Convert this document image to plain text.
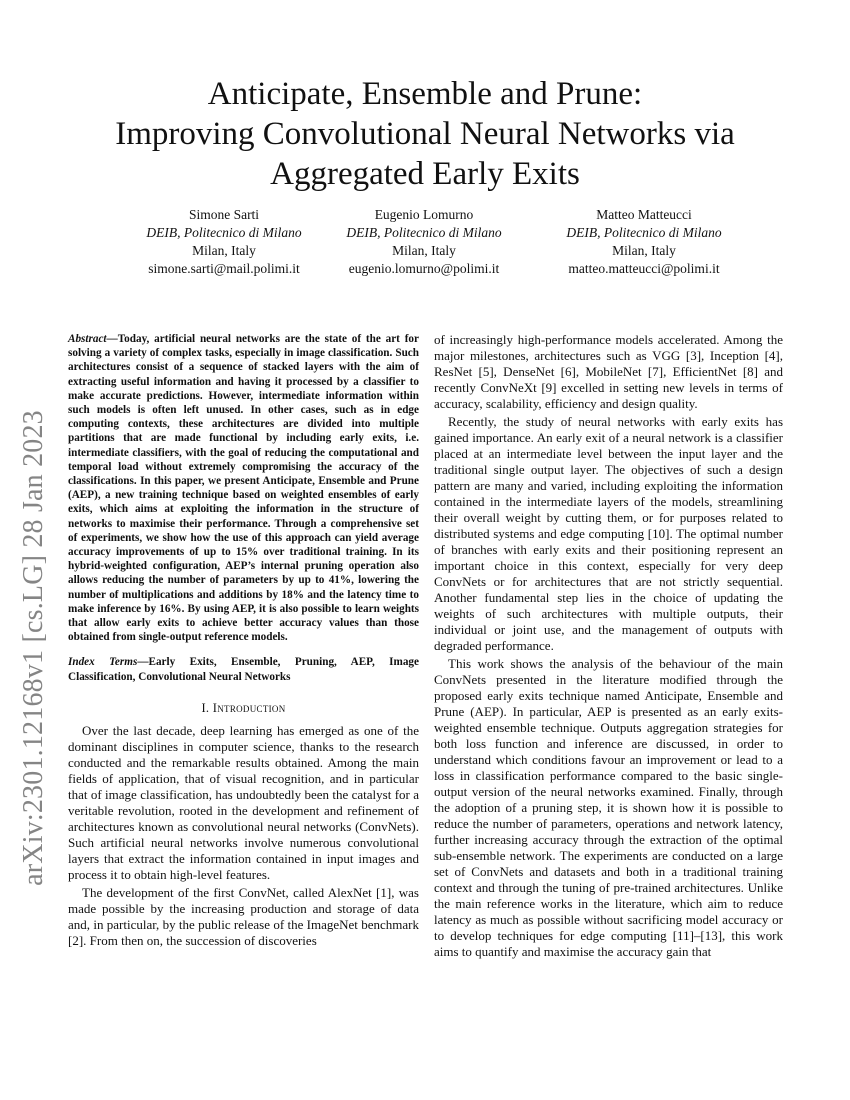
arXiv:2301.12168v1 [cs.LG] 28 Jan 2023
Anticipate, Ensemble and Prune:
Improving Convolutional Neural Networks via
Aggregated Early Exits
Simone Sarti
DEIB, Politecnico di Milano
Milan, Italy
simone.sarti@mail.polimi.it
Eugenio Lomurno
DEIB, Politecnico di Milano
Milan, Italy
eugenio.lomurno@polimi.it
Matteo Matteucci
DEIB, Politecnico di Milano
Milan, Italy
matteo.matteucci@polimi.it

Abstract—Today, artificial neural networks are the state of the art for solving a variety of complex tasks, especially in image classification. Such architectures consist of a sequence of stacked layers with the aim of extracting useful information and having it processed by a classifier to make accurate predictions. However, intermediate information within such models is often left unused. In other cases, such as in edge computing contexts, these architectures are divided into multiple partitions that are made functional by including early exits, i.e. intermediate classifiers, with the goal of reducing the computational and temporal load without extremely compromising the accuracy of the classifications. In this paper, we present Anticipate, Ensemble and Prune (AEP), a new training technique based on weighted ensembles of early exits, which aims at exploiting the information in the structure of networks to maximise their performance. Through a comprehensive set of experiments, we show how the use of this approach can yield average accuracy improvements of up to 15% over traditional training. In its hybrid-weighted configuration, AEP’s internal pruning operation also allows reducing the number of parameters by up to 41%, lowering the number of multiplications and additions by 18% and the latency time to make inference by 16%. By using AEP, it is also possible to learn weights that allow early exits to achieve better accuracy values than those obtained from single-output reference models.

Index Terms—Early Exits, Ensemble, Pruning, AEP, Image Classification, Convolutional Neural Networks

I. Introduction

Over the last decade, deep learning has emerged as one of the dominant disciplines in computer science, thanks to the research conducted and the remarkable results obtained. Among the main fields of application, that of visual recognition, and in particular that of image classification, has undoubtedly been the catalyst for a veritable revolution, rooted in the development and refinement of architectures known as convolutional neural networks (ConvNets). Such artificial neural networks involve numerous convolutional layers that extract the information contained in input images and process it to obtain high-level features.

The development of the first ConvNet, called AlexNet [1], was made possible by the increasing production and storage of data and, in particular, by the public release of the ImageNet benchmark [2]. From then on, the succession of discoveries

of increasingly high-performance models accelerated. Among the major milestones, architectures such as VGG [3], Inception [4], ResNet [5], DenseNet [6], MobileNet [7], EfficientNet [8] and recently ConvNeXt [9] excelled in setting new levels in terms of accuracy, scalability, efficiency and design quality.

Recently, the study of neural networks with early exits has gained importance. An early exit of a neural network is a classifier placed at an intermediate level between the input layer and the traditional single output layer. The objectives of such a design pattern are many and varied, including exploiting the information contained in the intermediate layers of the models, streamlining their overall weight by cutting them, or for purposes related to distributed systems and edge computing [10]. The optimal number of branches with early exits and their positioning represent an important choice in this context, especially for very deep ConvNets or for architectures that are not strictly sequential. Another fundamental step lies in the choice of updating the weights of such architectures with multiple outputs, their individual or joint use, and the management of outputs with degraded performance.

This work shows the analysis of the behaviour of the main ConvNets presented in the literature modified through the proposed early exits technique named Anticipate, Ensemble and Prune (AEP). In particular, AEP is presented as an early exits-weighted ensemble technique. Outputs aggregation strategies for both loss function and inference are discussed, in order to understand which conditions favour an improvement or lead to a loss in classification performance compared to the basic single-output version of the neural networks examined. Finally, through the adoption of a pruning step, it is shown how it is possible to reduce the number of parameters, operations and network latency, further increasing accuracy through the extraction of the optimal sub-ensemble network. The experiments are conducted on a large set of ConvNets and datasets and both in a traditional training context and through the tuning of pre-trained architectures. Unlike the main reference works in the literature, which aim to reduce latency as much as possible without sacrificing model accuracy or to develop techniques for edge computing [11]–[13], this work aims to quantify and maximise the accuracy gain that
